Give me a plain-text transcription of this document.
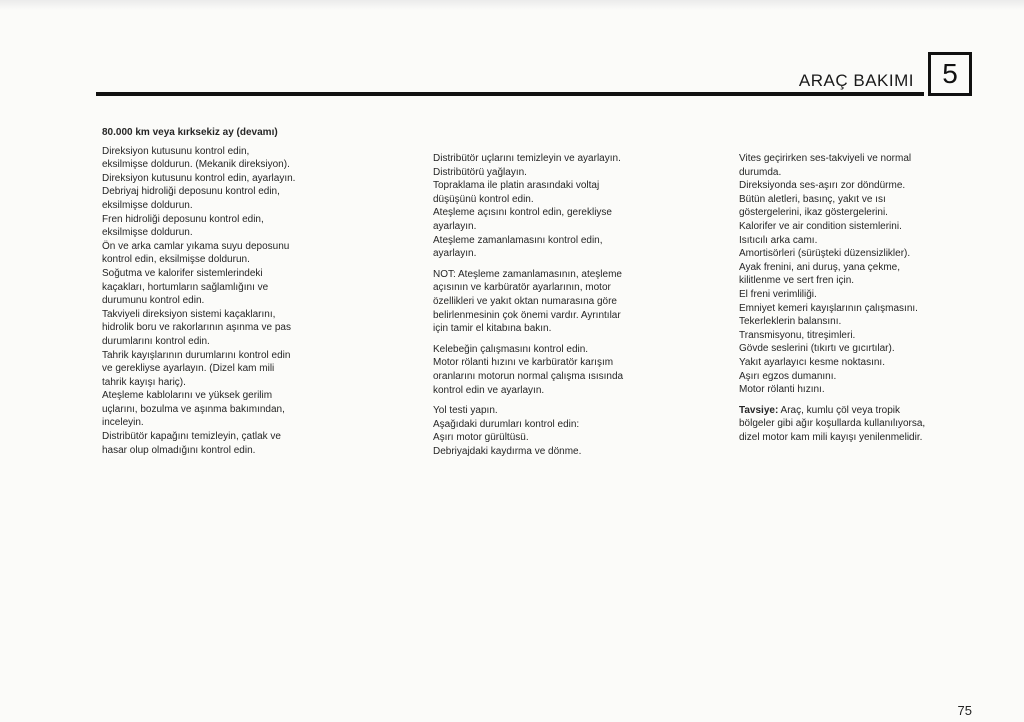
ARAÇ BAKIMI	5

80.000 km veya kırksekiz ay (devamı)

Direksiyon kutusunu kontrol edin,

eksilmişse doldurun. (Mekanik direksiyon).

Direksiyon kutusunu kontrol edin, ayarlayın.

Debriyaj hidroliği deposunu kontrol edin,

eksilmişse doldurun.

Fren hidroliği deposunu kontrol edin,

eksilmişse doldurun.

Ön ve arka camlar yıkama suyu deposunu

kontrol edin, eksilmişse doldurun.

Soğutma ve kalorifer sistemlerindeki

kaçakları, hortumların sağlamlığını ve

durumunu kontrol edin.

Takviyeli direksiyon sistemi kaçaklarını,

hidrolik boru ve rakorlarının aşınma ve pas

durumlarını kontrol edin.

Tahrik kayışlarının durumlarını kontrol edin

ve gerekliyse ayarlayın. (Dizel kam mili

tahrik kayışı hariç).

Ateşleme kablolarını ve yüksek gerilim

uçlarını, bozulma ve aşınma bakımından,

inceleyin.

Distribütör kapağını temizleyin, çatlak ve

hasar olup olmadığını kontrol edin.

Distribütör uçlarını temizleyin ve ayarlayın.

Distribütörü yağlayın.

Topraklama ile platin arasındaki voltaj

düşüşünü kontrol edin.

Ateşleme açısını kontrol edin, gerekliyse

ayarlayın.

Ateşleme zamanlamasını kontrol edin,

ayarlayın.

NOT: Ateşleme zamanlamasının, ateşleme

açısının ve karbüratör ayarlarının, motor

özellikleri ve yakıt oktan numarasına göre

belirlenmesinin çok önemi vardır. Ayrıntılar

için tamir el kitabına bakın.

Kelebeğin çalışmasını kontrol edin.

Motor rölanti hızını ve karbüratör karışım

oranlarını motorun normal çalışma ısısında

kontrol edin ve ayarlayın.

Yol testi yapın.

Aşağıdaki durumları kontrol edin:

Aşırı motor gürültüsü.

Debriyajdaki kaydırma ve dönme.

Vites geçirirken ses-takviyeli ve normal

durumda.

Direksiyonda ses-aşırı zor döndürme.

Bütün aletleri, basınç, yakıt ve ısı

göstergelerini, ikaz göstergelerini.

Kalorifer ve air condition sistemlerini.

Isıtıcılı arka camı.

Amortisörleri (sürüşteki düzensizlikler).

Ayak frenini, ani duruş, yana çekme,

kilitlenme ve sert fren için.

El freni verimliliği.

Emniyet kemeri kayışlarının çalışmasını.

Tekerleklerin balansını.

Transmisyonu, titreşimleri.

Gövde seslerini (tıkırtı ve gıcırtılar).

Yakıt ayarlayıcı kesme noktasını.

Aşırı egzos dumanını.

Motor rölanti hızını.

Tavsiye: Araç, kumlu çöl veya tropik

bölgeler gibi ağır koşullarda kullanılıyorsa,

dizel motor kam mili kayışı yenilenmelidir.

75
